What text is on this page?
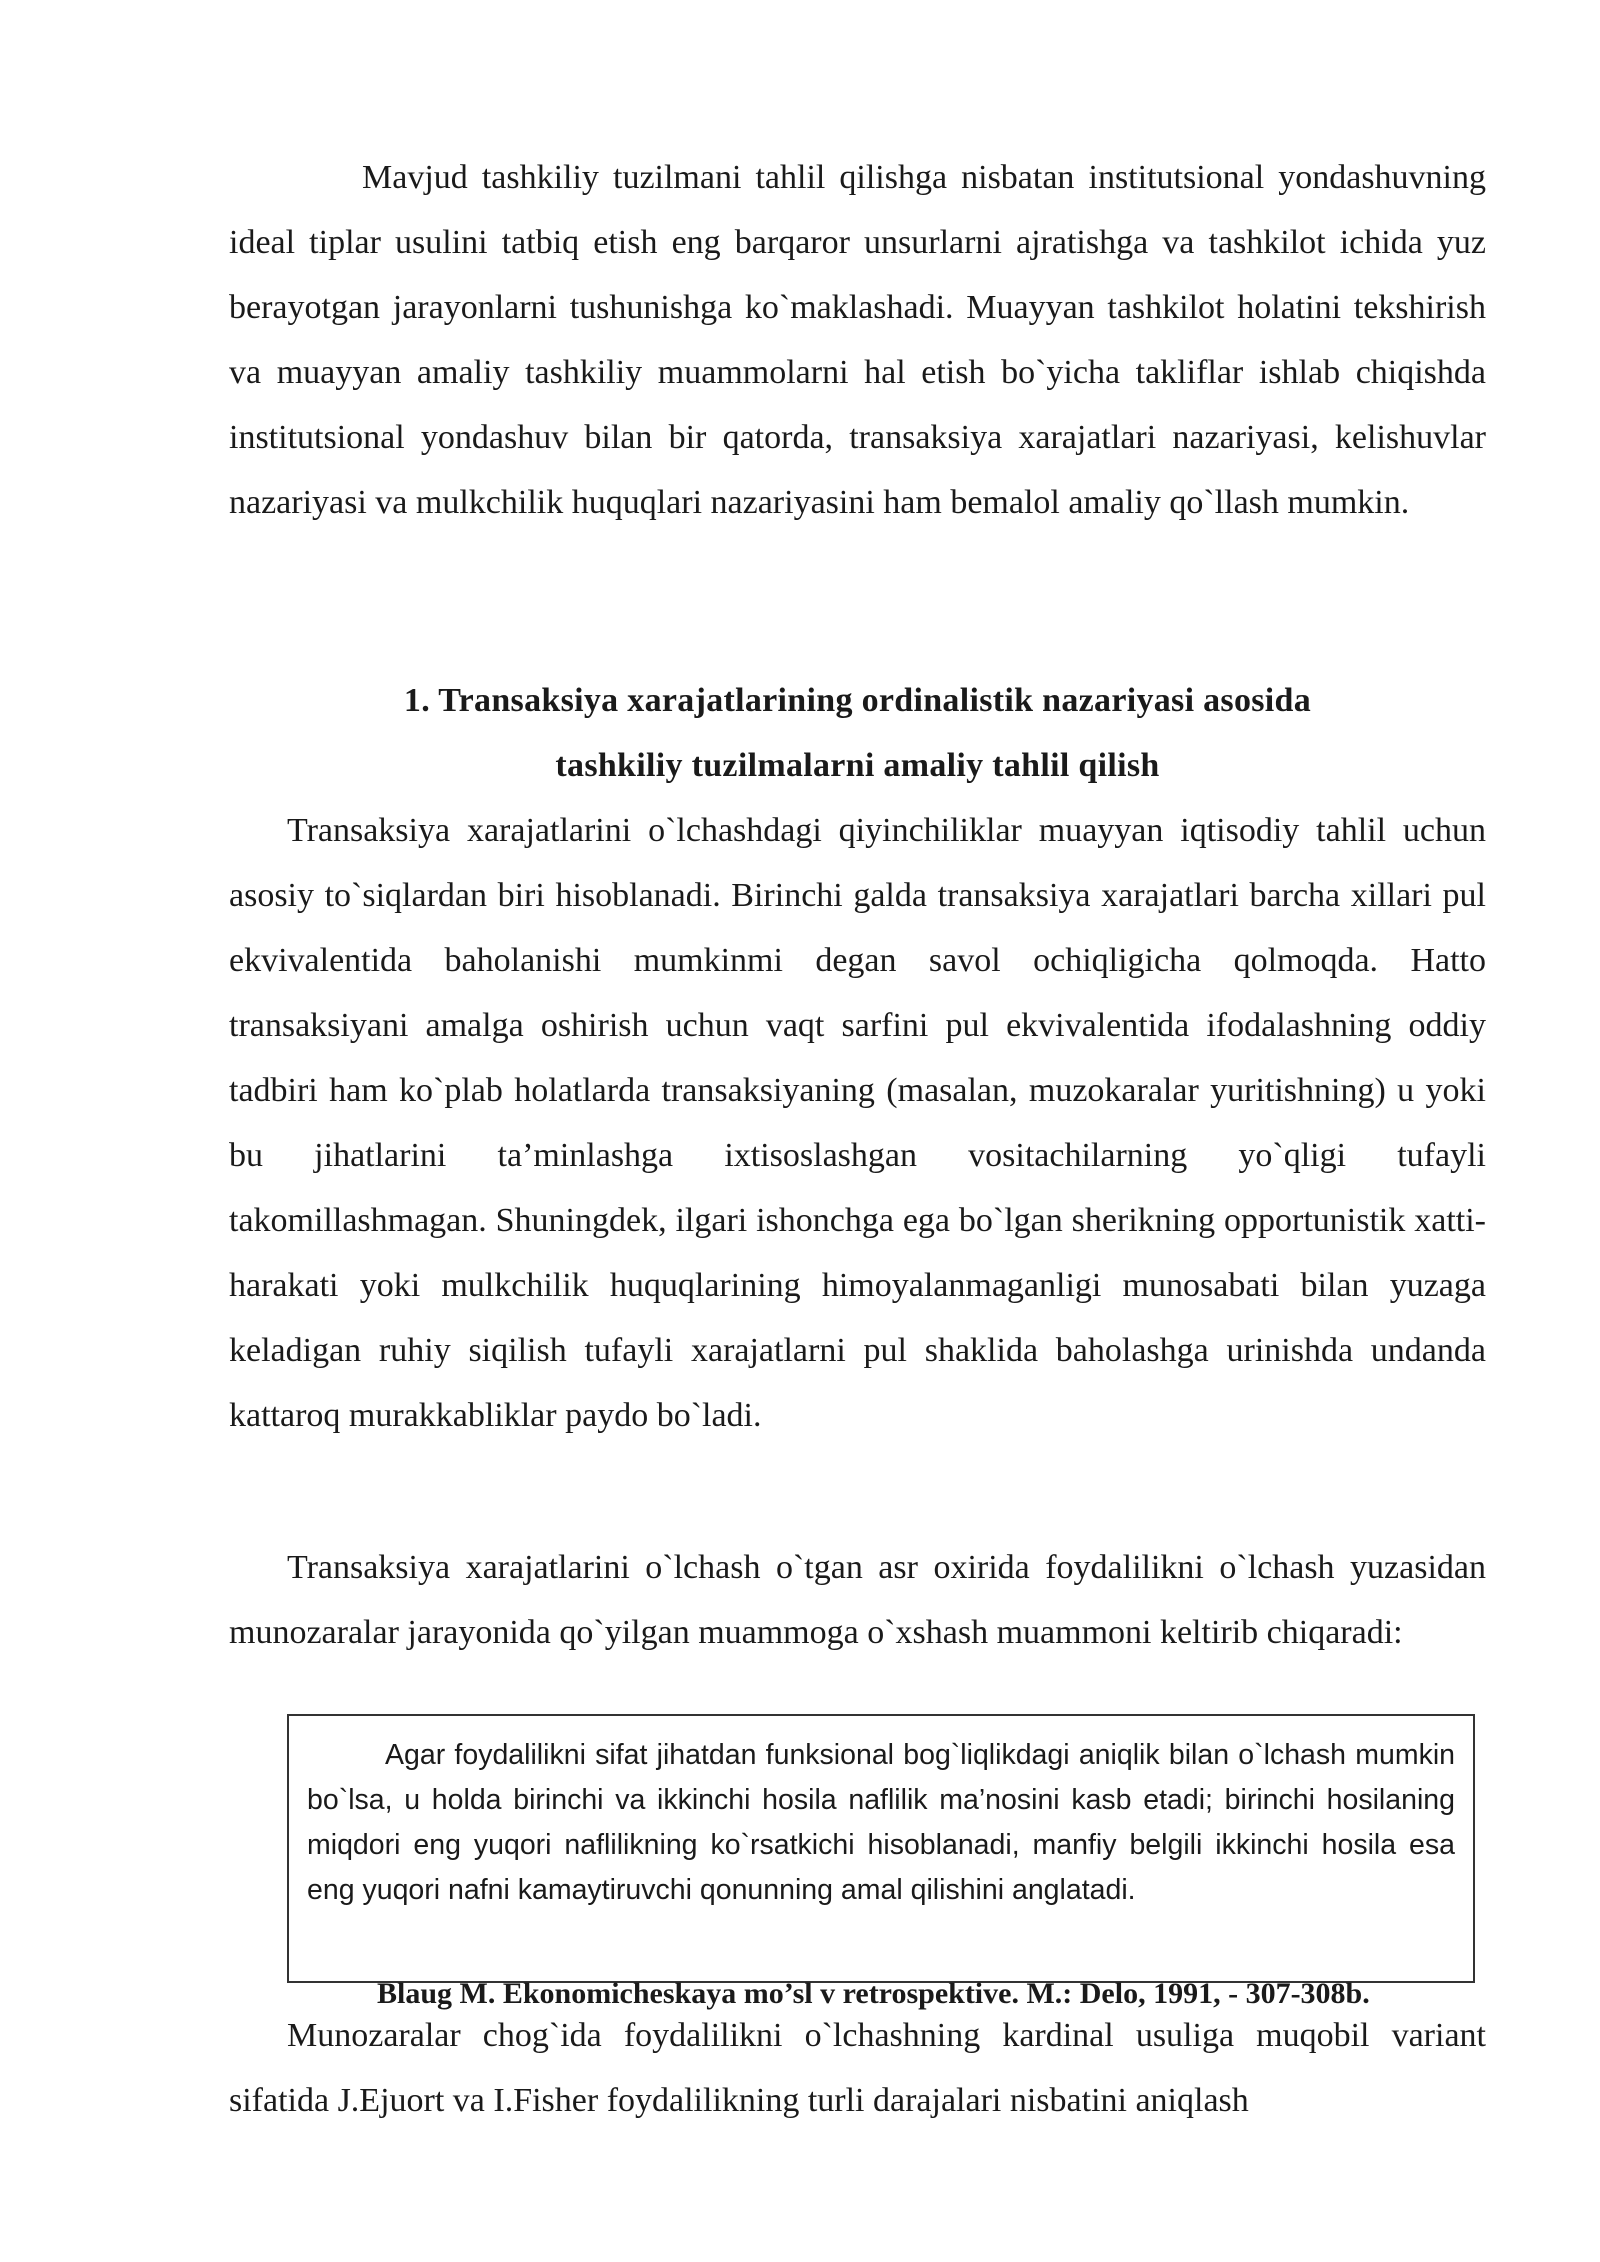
Mavjud tashkiliy tuzilmani tahlil qilishga nisbatan institutsional yondashuvning ideal tiplar usulini tatbiq etish eng barqaror unsurlarni ajratishga va tashkilot ichida yuz berayotgan jarayonlarni tushunishga ko`maklashadi. Muayyan tashkilot holatini tekshirish va muayyan amaliy tashkiliy muammolarni hal etish bo`yicha takliflar ishlab chiqishda institutsional yondashuv bilan bir qatorda, transaksiya xarajatlari nazariyasi, kelishuvlar nazariyasi va mulkchilik huquqlari nazariyasini ham bemalol amaliy qo`llash mumkin.

1. Transaksiya xarajatlarining ordinalistik nazariyasi asosida
tashkiliy tuzilmalarni amaliy tahlil qilish

Transaksiya xarajatlarini o`lchashdagi qiyinchiliklar muayyan iqtisodiy tahlil uchun asosiy to`siqlardan biri hisoblanadi. Birinchi galda transaksiya xarajatlari barcha xillari pul ekvivalentida baholanishi mumkinmi degan savol ochiqligicha qolmoqda. Hatto transaksiyani amalga oshirish uchun vaqt sarfini pul ekvivalentida ifodalashning oddiy tadbiri ham ko`plab holatlarda transaksiyaning (masalan, muzokaralar yuritishning) u yoki bu jihatlarini ta’minlashga ixtisoslashgan vositachilarning yo`qligi tufayli takomillashmagan. Shuningdek, ilgari ishonchga ega bo`lgan sherikning opportunistik xatti-harakati yoki mulkchilik huquqlarining himoyalanmaganligi munosabati bilan yuzaga keladigan ruhiy siqilish tufayli xarajatlarni pul shaklida baholashga urinishda undanda kattaroq murakkabliklar paydo bo`ladi.

Transaksiya xarajatlarini o`lchash o`tgan asr oxirida foydalilikni o`lchash yuzasidan munozaralar jarayonida qo`yilgan muammoga o`xshash muammoni keltirib chiqaradi:

Agar foydalilikni sifat jihatdan funksional bog`liqlikdagi aniqlik bilan o`lchash mumkin bo`lsa, u holda birinchi va ikkinchi hosila naflilik ma’nosini kasb etadi; birinchi hosilaning miqdori eng yuqori naflilikning ko`rsatkichi hisoblanadi, manfiy belgili ikkinchi hosila esa eng yuqori nafni kamaytiruvchi qonunning amal qilishini anglatadi.

Munozaralar chog`ida foydalilikni o`lchashning kardinal usuliga muqobil variant sifatida J.Ejuort va I.Fisher foydalilikning turli darajalari nisbatini aniqlash

Blaug M. Ekonomicheskaya mo’sl v retrospektive. M.: Delo, 1991, - 307-308b.
